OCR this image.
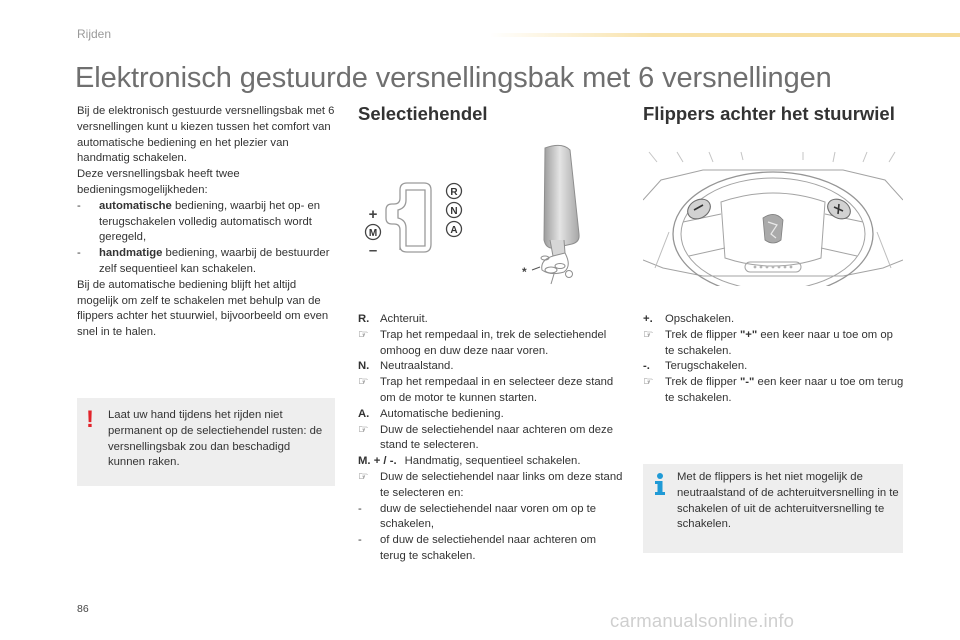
Rijden
Elektronisch gestuurde versnellingsbak met 6 versnellingen

Bij de elektronisch gestuurde versnellingsbak met 6 versnellingen kunt u kiezen tussen het comfort van automatische bediening en het plezier van handmatig schakelen.

Deze versnellingsbak heeft twee bedieningsmogelijkheden:

-	automatische bediening, waarbij het op- en terugschakelen volledig automatisch wordt geregeld,
-	handmatige bediening, waarbij de bestuurder zelf sequentieel kan schakelen.

Bij de automatische bediening blijft het altijd mogelijk om zelf te schakelen met behulp van de flippers achter het stuurwiel, bijvoorbeeld om even snel in te halen.

! Laat uw hand tijdens het rijden niet permanent op de selectiehendel rusten: de versnellingsbak zou dan beschadigd kunnen raken.
Selectiehendel	Flippers achter het stuurwiel
R
N
A
M
+
–
*
R. Achteruit.
☞	Trap het rempedaal in, trek de selectiehendel omhoog en duw deze naar voren.
N. Neutraalstand.
☞	Trap het rempedaal in en selecteer deze stand om de motor te kunnen starten.
A. Automatische bediening.
☞	Duw de selectiehendel naar achteren om deze stand te selecteren.
M. + / -. Handmatig, sequentieel schakelen.
☞	Duw de selectiehendel naar links om deze stand te selecteren en:
-	duw de selectiehendel naar voren om op te schakelen,
-	of duw de selectiehendel naar achteren om terug te schakelen.
+.	Opschakelen.
☞	Trek de flipper "+" een keer naar u toe om op te schakelen.
-.	Terugschakelen.
☞	Trek de flipper "-" een keer naar u toe om terug te schakelen.
Met de flippers is het niet mogelijk de neutraalstand of de achteruitversnelling in te schakelen of uit de achteruitversnelling te schakelen.
86
carmanualsonline.info
